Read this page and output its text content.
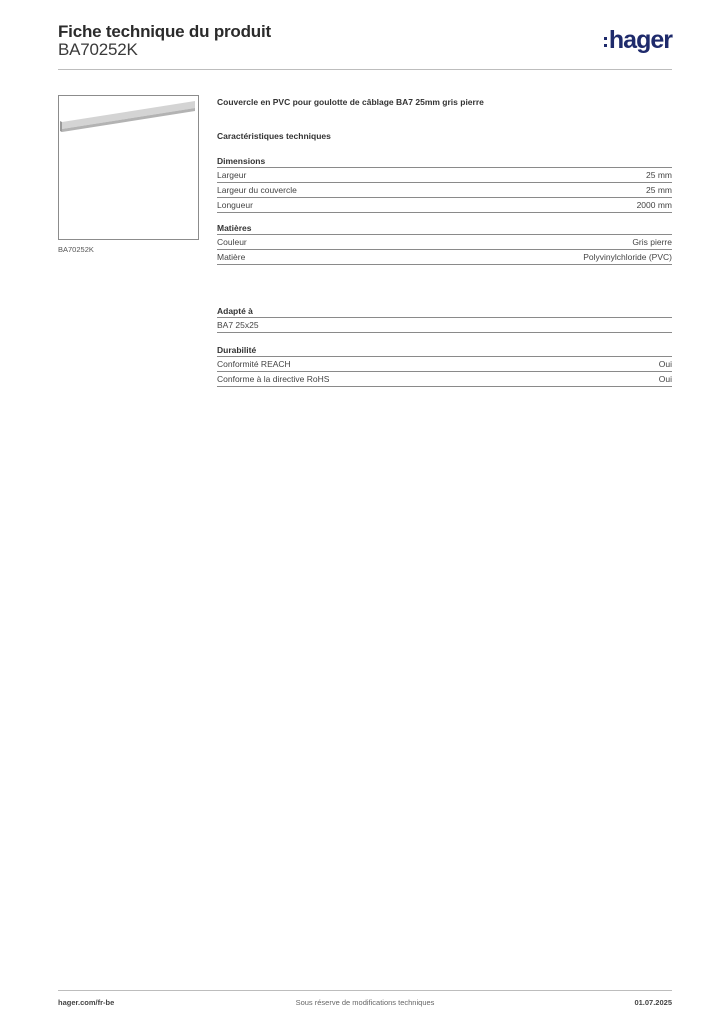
Fiche technique du produit
BA70252K	hager
BA70252K
Couvercle en PVC pour goulotte de câblage BA7 25mm gris pierre
Caractéristiques techniques
Dimensions
Largeur	25 mm
Largeur du couvercle	25 mm
Longueur	2000 mm
Matières
Couleur	Gris pierre
Matière	Polyvinylchloride (PVC)
Adapté à
BA7 25x25
Durabilité
Conformité REACH	Oui
Conforme à la directive RoHS	Oui
Sous réserve de modifications techniques
hager.com/fr-be	01.07.2025
